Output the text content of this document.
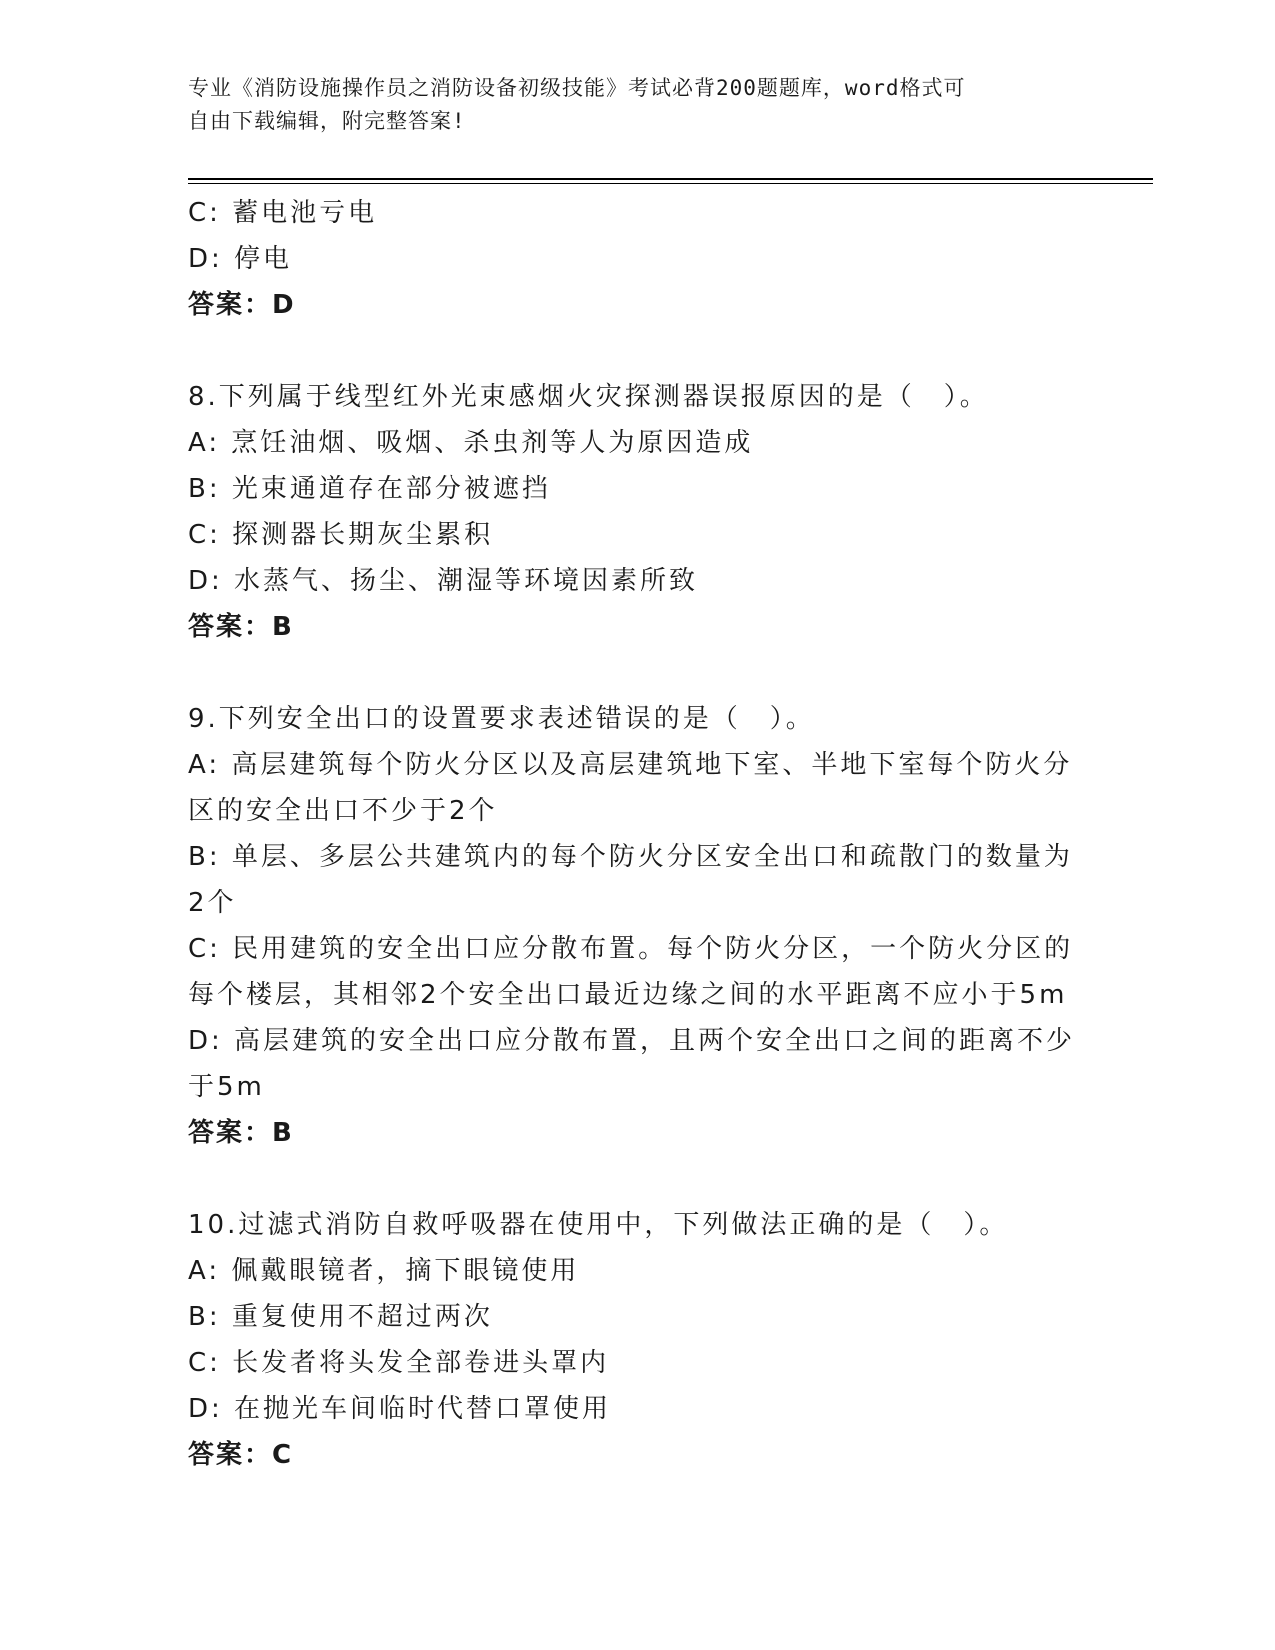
专业《消防设施操作员之消防设备初级技能》考试必背200题题库，word格式可
自由下载编辑，附完整答案!
C: 蓄电池亏电
D: 停电
答案：D
8.下列属于线型红外光束感烟火灾探测器误报原因的是（　）。
A: 烹饪油烟、吸烟、杀虫剂等人为原因造成
B: 光束通道存在部分被遮挡
C: 探测器长期灰尘累积
D: 水蒸气、扬尘、潮湿等环境因素所致
答案：B
9.下列安全出口的设置要求表述错误的是（　）。
A: 高层建筑每个防火分区以及高层建筑地下室、半地下室每个防火分
区的安全出口不少于2个
B: 单层、多层公共建筑内的每个防火分区安全出口和疏散门的数量为
2个
C: 民用建筑的安全出口应分散布置。每个防火分区，一个防火分区的
每个楼层，其相邻2个安全出口最近边缘之间的水平距离不应小于5m
D: 高层建筑的安全出口应分散布置，且两个安全出口之间的距离不少
于5m
答案：B
10.过滤式消防自救呼吸器在使用中，下列做法正确的是（　）。
A: 佩戴眼镜者，摘下眼镜使用
B: 重复使用不超过两次
C: 长发者将头发全部卷进头罩内
D: 在抛光车间临时代替口罩使用
答案：C
